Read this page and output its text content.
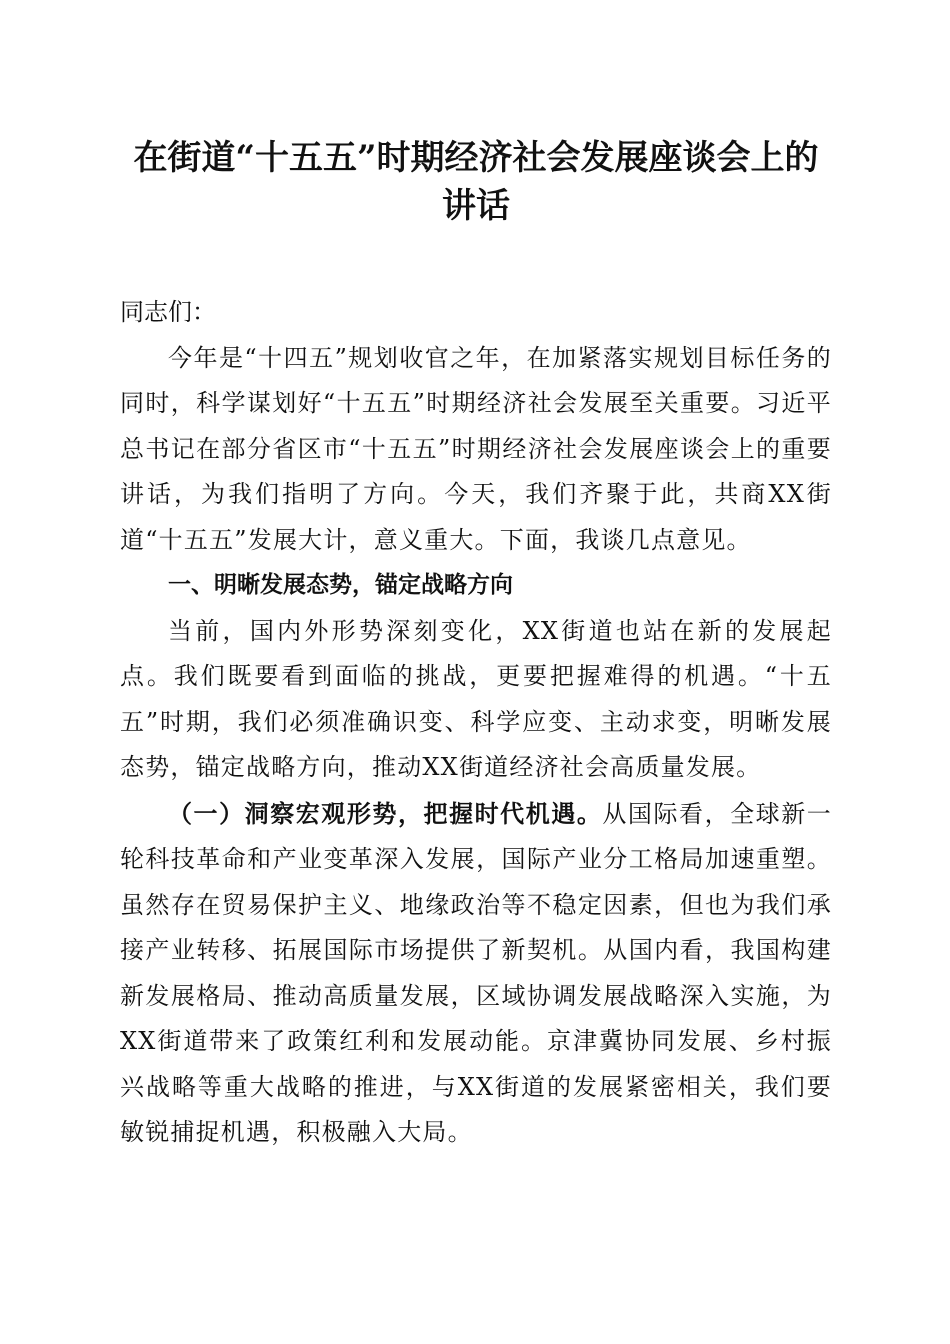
在街道“十五五”时期经济社会发展座谈会上的讲话

同志们：

今年是“十四五”规划收官之年，在加紧落实规划目标任务的同时，科学谋划好“十五五”时期经济社会发展至关重要。习近平总书记在部分省区市“十五五”时期经济社会发展座谈会上的重要讲话，为我们指明了方向。今天，我们齐聚于此，共商XX街道“十五五”发展大计，意义重大。下面，我谈几点意见。

一、明晰发展态势，锚定战略方向

当前，国内外形势深刻变化，XX街道也站在新的发展起点。我们既要看到面临的挑战，更要把握难得的机遇。“十五五”时期，我们必须准确识变、科学应变、主动求变，明晰发展态势，锚定战略方向，推动XX街道经济社会高质量发展。

（一）洞察宏观形势，把握时代机遇。从国际看，全球新一轮科技革命和产业变革深入发展，国际产业分工格局加速重塑。虽然存在贸易保护主义、地缘政治等不稳定因素，但也为我们承接产业转移、拓展国际市场提供了新契机。从国内看，我国构建新发展格局、推动高质量发展，区域协调发展战略深入实施，为XX街道带来了政策红利和发展动能。京津冀协同发展、乡村振兴战略等重大战略的推进，与XX街道的发展紧密相关，我们要敏锐捕捉机遇，积极融入大局。
